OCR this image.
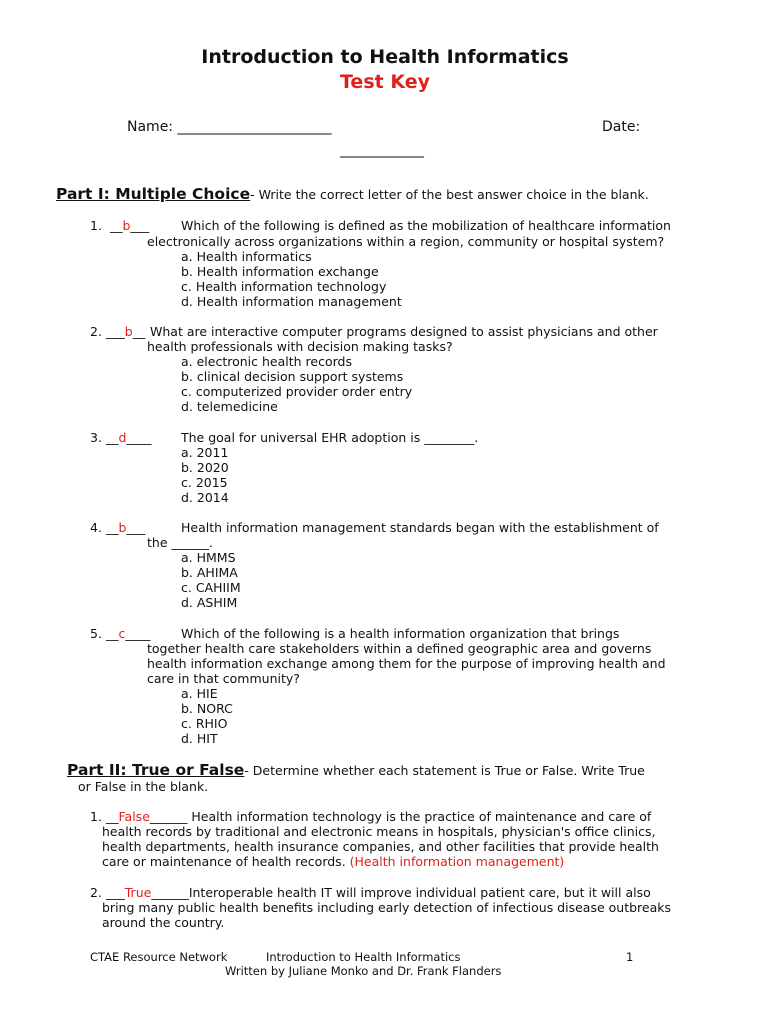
Introduction to Health Informatics
Test Key
Name: ______________________	Date:
____________
Part I: Multiple Choice- Write the correct letter of the best answer choice in the blank.
1. __b___	Which of the following is defined as the mobilization of healthcare information
electronically across organizations within a region, community or hospital system?
a. Health informatics
b. Health information exchange
c. Health information technology
d. Health information management
2. ___b__ What are interactive computer programs designed to assist physicians and other
health professionals with decision making tasks?
a. electronic health records
b. clinical decision support systems
c. computerized provider order entry
d. telemedicine
3. __d____ The goal for universal EHR adoption is ________.
a. 2011
b. 2020
c. 2015
d. 2014
4. __b___	Health information management standards began with the establishment of
the ______.
a. HMMS
b. AHIMA
c. CAHIIM
d. ASHIM
5. __c____ Which of the following is a health information organization that brings
together health care stakeholders within a defined geographic area and governs
health information exchange among them for the purpose of improving health and
care in that community?
a. HIE
b. NORC
c. RHIO
d. HIT
Part II: True or False- Determine whether each statement is True or False. Write True
or False in the blank.
1. __False______ Health information technology is the practice of maintenance and care of
health records by traditional and electronic means in hospitals, physician's office clinics,
health departments, health insurance companies, and other facilities that provide health
care or maintenance of health records. (Health information management)
2. ___True______Interoperable health IT will improve individual patient care, but it will also
bring many public health benefits including early detection of infectious disease outbreaks
around the country.
CTAE Resource Network	Introduction to Health Informatics	1
Written by Juliane Monko and Dr. Frank Flanders
